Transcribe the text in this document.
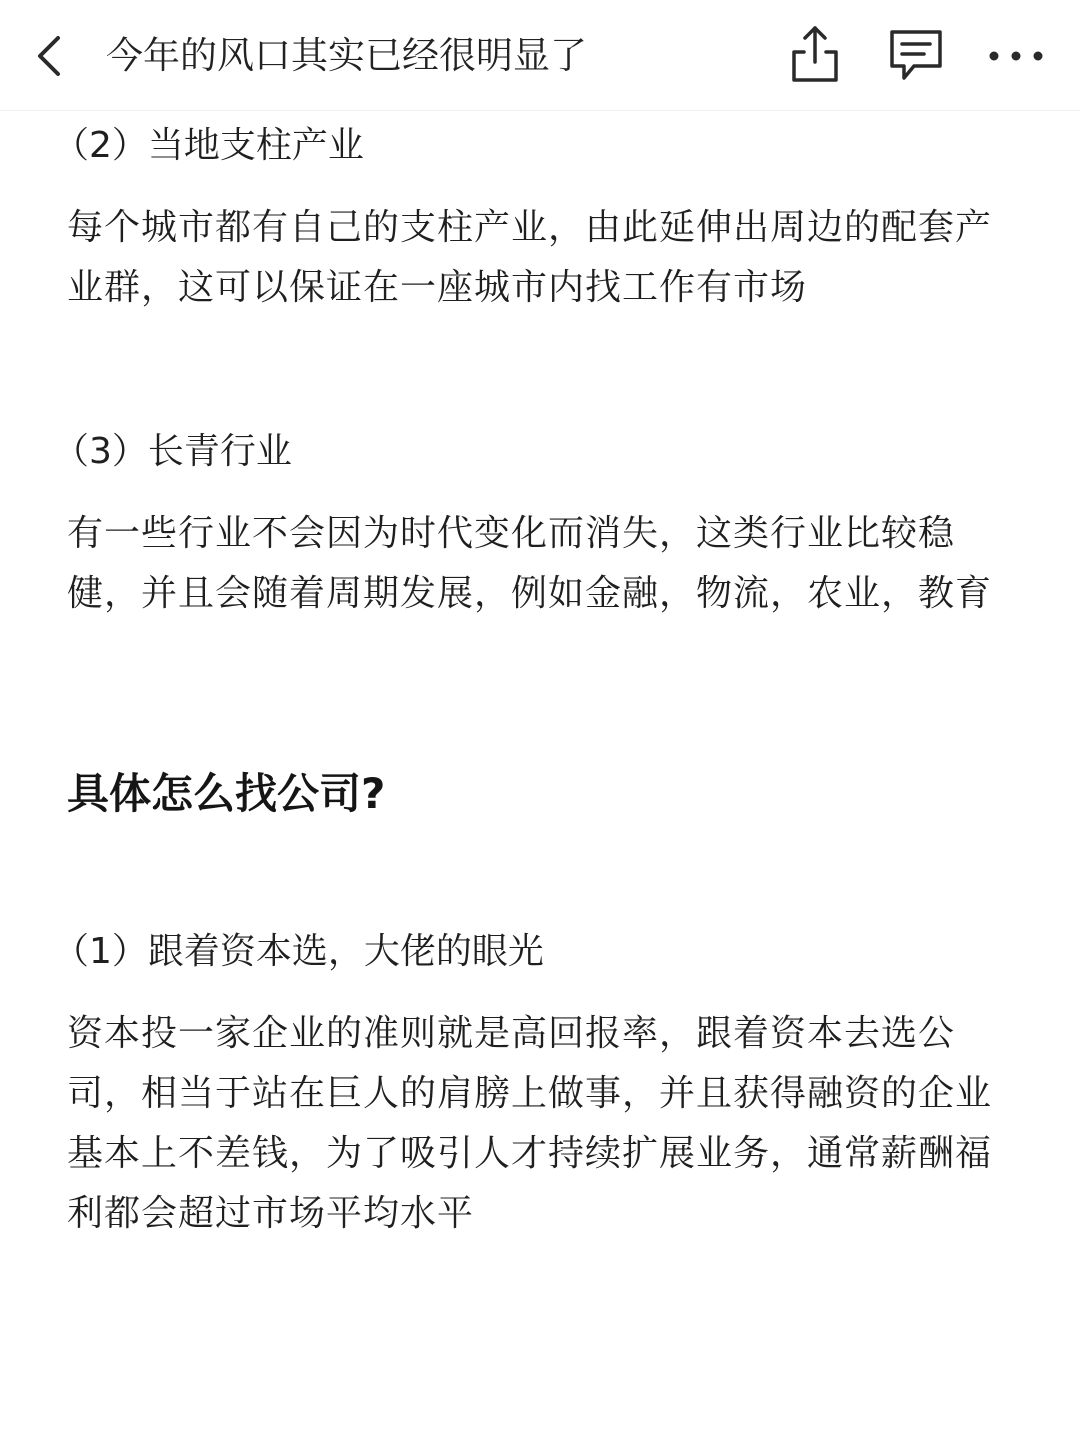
今年的风口其实已经很明显了

（2）当地支柱产业

每个城市都有自己的支柱产业，由此延伸出周边的配套产业群，这可以保证在一座城市内找工作有市场

（3）长青行业

有一些行业不会因为时代变化而消失，这类行业比较稳健，并且会随着周期发展，例如金融，物流，农业，教育

具体怎么找公司?

（1）跟着资本选，大佬的眼光

资本投一家企业的准则就是高回报率，跟着资本去选公司，相当于站在巨人的肩膀上做事，并且获得融资的企业基本上不差钱，为了吸引人才持续扩展业务，通常薪酬福利都会超过市场平均水平
